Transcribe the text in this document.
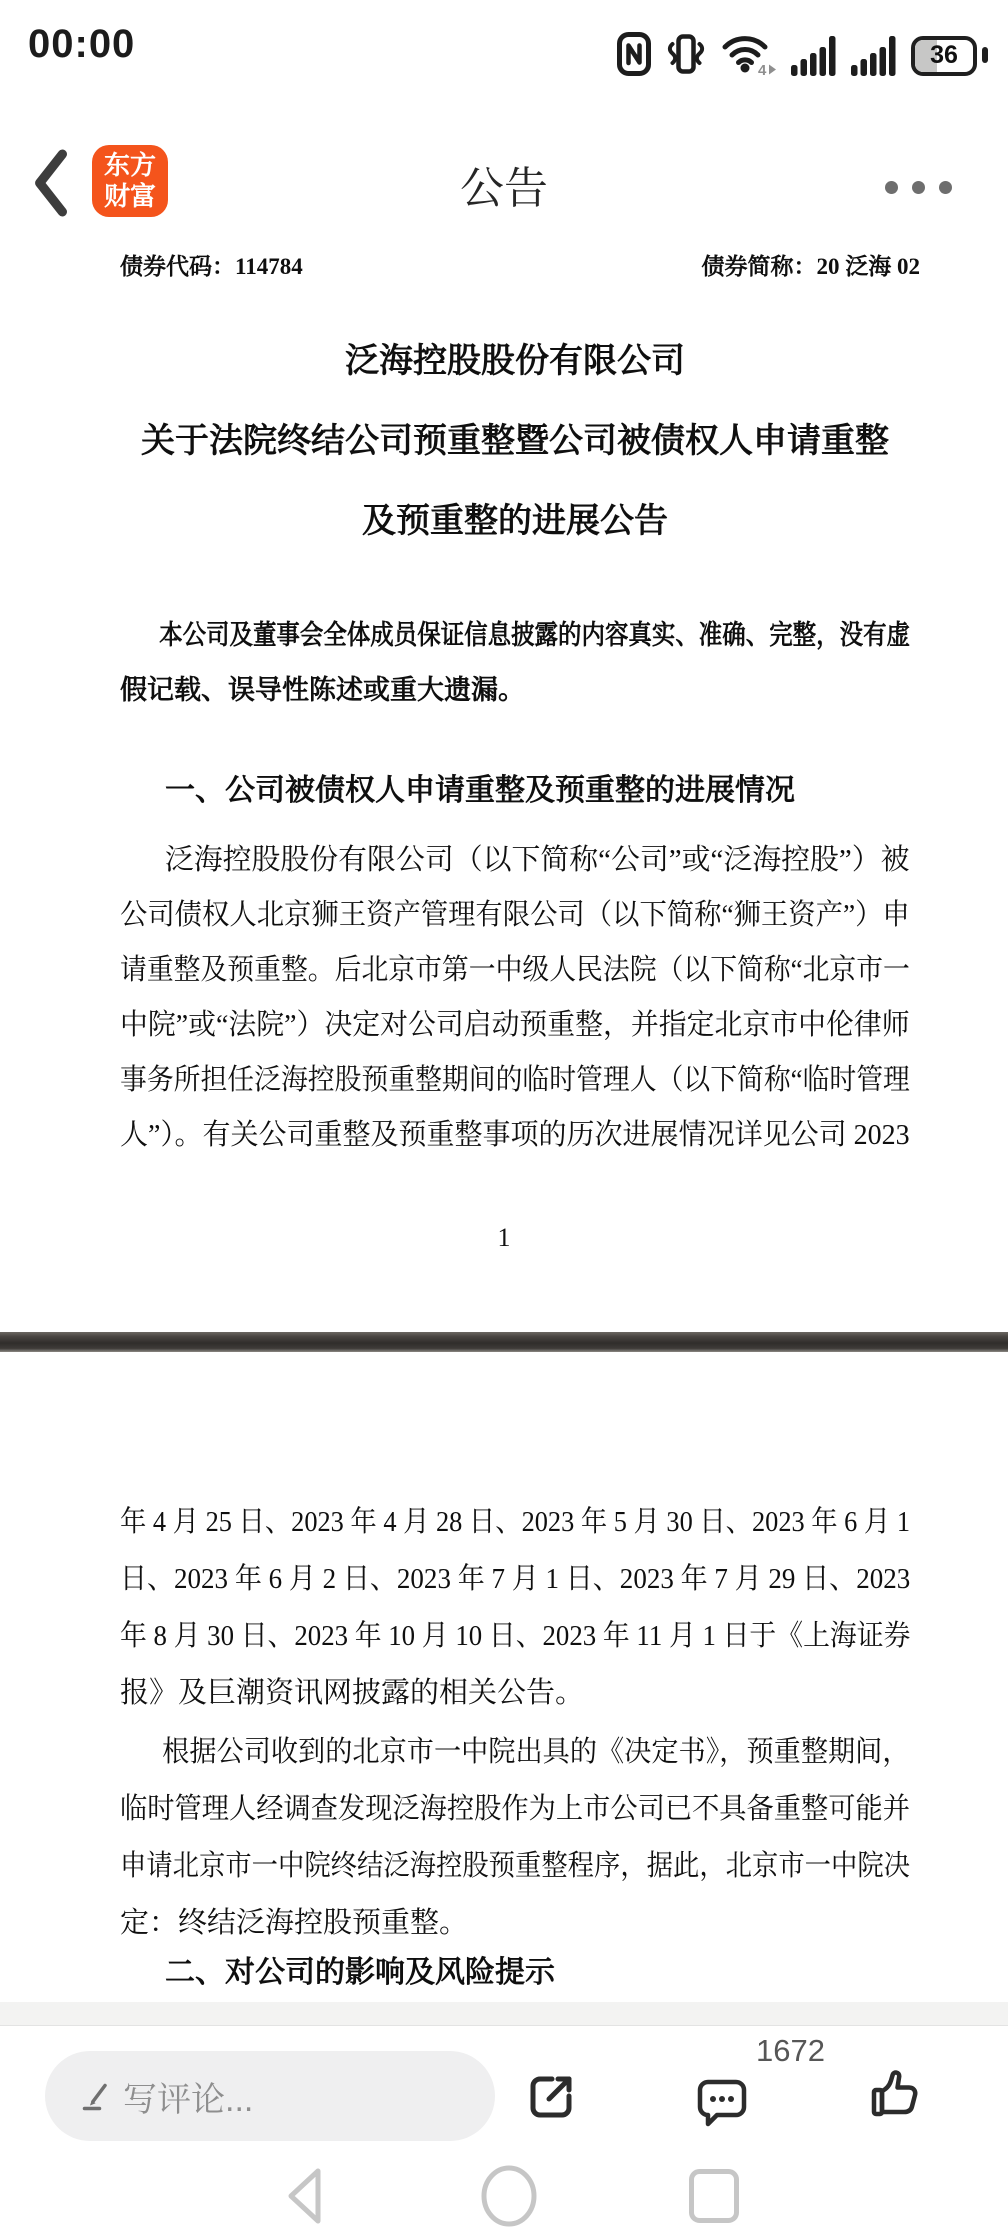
00:00
4
36
东方
财富	公告
债券代码：114784	债券简称：20 泛海 02
泛海控股股份有限公司
关于法院终结公司预重整暨公司被债权人申请重整
及预重整的进展公告
本公司及董事会全体成员保证信息披露的内容真实、准确、完整，没有虚
假记载、误导性陈述或重大遗漏。
一、公司被债权人申请重整及预重整的进展情况
泛海控股股份有限公司（以下简称“公司”或“泛海控股”）被
公司债权人北京狮王资产管理有限公司（以下简称“狮王资产”）申
请重整及预重整。后北京市第一中级人民法院（以下简称“北京市一
中院”或“法院”）决定对公司启动预重整，并指定北京市中伦律师
事务所担任泛海控股预重整期间的临时管理人（以下简称“临时管理
人”）。有关公司重整及预重整事项的历次进展情况详见公司 2023
1
年 4 月 25 日、2023 年 4 月 28 日、2023 年 5 月 30 日、2023 年 6 月 1
日、2023 年 6 月 2 日、2023 年 7 月 1 日、2023 年 7 月 29 日、2023
年 8 月 30 日、2023 年 10 月 10 日、2023 年 11 月 1 日于《上海证券
报》及巨潮资讯网披露的相关公告。
根据公司收到的北京市一中院出具的《决定书》，预重整期间，
临时管理人经调查发现泛海控股作为上市公司已不具备重整可能并
申请北京市一中院终结泛海控股预重整程序，据此，北京市一中院决
定：终结泛海控股预重整。
二、对公司的影响及风险提示
写评论...
1672
